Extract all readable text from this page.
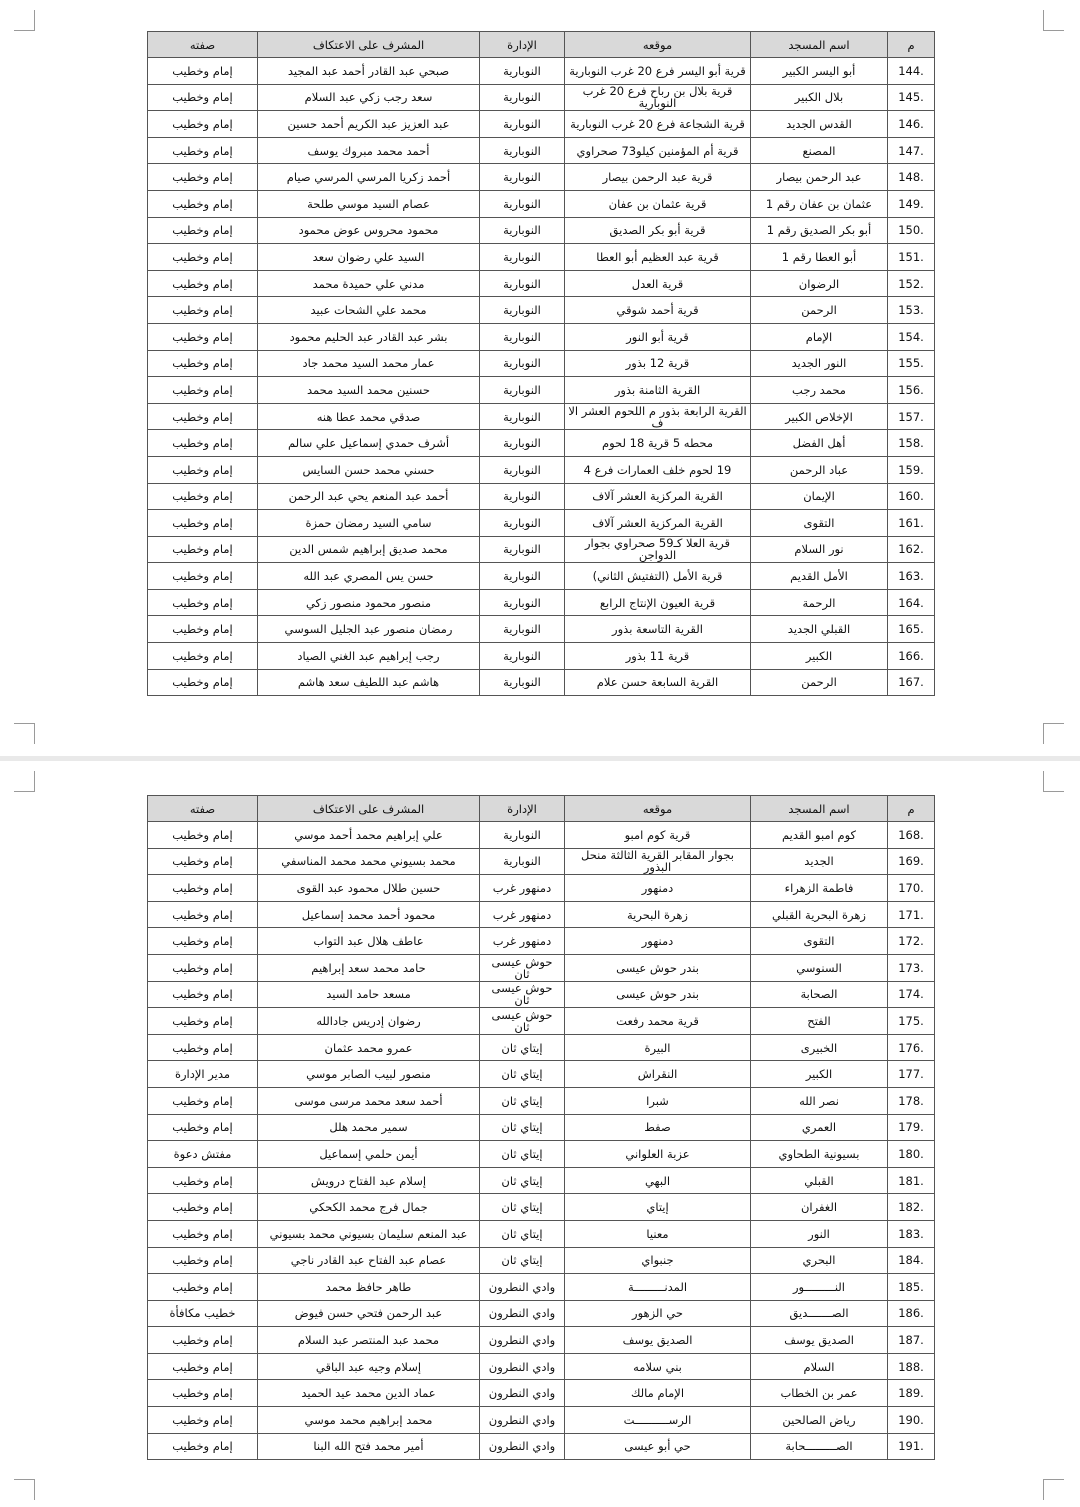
م	اسم المسجد	موقعه	الإدارة	المشرف على الاعتكاف	صفته
144.	أبو اليسر الكبير	قرية أبو اليسر فرع 20 غرب النوبارية	النوبارية	صبحي عبد القادر أحمد عبد المجيد	إمام وخطيب
145.	بلال الكبير	قرية بلال بن رباح فرع 20 غرب النوبارية	النوبارية	سعد رجب زكي عبد السلام	إمام وخطيب
146.	القدس الجديد	قرية الشجاعة فرع 20 غرب النوبارية	النوبارية	عبد العزيز عبد الكريم أحمد حسين	إمام وخطيب
147.	المصنع	قرية أم المؤمنين كيلو73 صحراوي	النوبارية	أحمد محمد مبروك يوسف	إمام وخطيب
148.	عبد الرحمن بيصار	قرية عبد الرحمن بيصار	النوبارية	أحمد زكريا المرسي المرسي صيام	إمام وخطيب
149.	عثمان بن عفان رقم 1	قرية عثمان بن عفان	النوبارية	عصام السيد موسي طلحة	إمام وخطيب
150.	أبو بكر الصديق رقم 1	قرية أبو بكر الصديق	النوبارية	محمود محروس عوض محمود	إمام وخطيب
151.	أبو العطا رقم 1	قرية عبد العظيم أبو العطا	النوبارية	السيد علي رضوان سعد	إمام وخطيب
152.	الرضوان	قرية العدل	النوبارية	مدني علي حميدة محمد	إمام وخطيب
153.	الرحمن	قرية أحمد شوقي	النوبارية	محمد علي الشحات عبيد	إمام وخطيب
154.	الإمام	قرية أبو النور	النوبارية	بشر عبد القادر عبد الحليم محمود	إمام وخطيب
155.	النور الجديد	قرية 12 بذور	النوبارية	عمار محمد السيد محمد جاد	إمام وخطيب
156.	محمد رجب	القرية الثامنة بذور	النوبارية	حسنين محمد السيد محمد	إمام وخطيب
157.	الإخلاص الكبير	القرية الرابعة بذور م اللحوم العشر الا ف	النوبارية	صدقي محمد عطا هنه	إمام وخطيب
158.	أهل الفضل	محطه 5 قرية 18 لحوم	النوبارية	أشرف حمدي إسماعيل علي سالم	إمام وخطيب
159.	عباد الرحمن	19 لحوم خلف العمارات فرع 4	النوبارية	حسني محمد حسن السايس	إمام وخطيب
160.	الإيمان	القرية المركزية العشر آلاف	النوبارية	أحمد عبد المنعم يحي عبد الرحمن	إمام وخطيب
161.	التقوى	القرية المركزية العشر آلاف	النوبارية	سامي السيد رمضان حمزة	إمام وخطيب
162.	نور السلام	قرية العلا كـ59 صحراوي بجوار الدواجن	النوبارية	محمد صديق إبراهيم شمس الدين	إمام وخطيب
163.	الأمل القديم	قرية الأمل (التفتيش الثاني)	النوبارية	حسن يس المصري عبد الله	إمام وخطيب
164.	الرحمة	قرية العيون الإنتاج الرابع	النوبارية	منصور محمود منصور زكي	إمام وخطيب
165.	القبلي الجديد	القرية التاسعة بذور	النوبارية	رمضان منصور عبد الجليل السوسي	إمام وخطيب
166.	الكبير	قرية 11 بذور	النوبارية	رجب إبراهيم عبد الغني الصياد	إمام وخطيب
167.	الرحمن	القرية السابعة حسن علام	النوبارية	هاشم عبد اللطيف سعد هاشم	إمام وخطيب
م	اسم المسجد	موقعه	الإدارة	المشرف على الاعتكاف	صفته
168.	كوم امبو القديم	قرية كوم امبو	النوبارية	علي إبراهيم محمد أحمد موسي	إمام وخطيب
169.	الجديد	بجوار المقابر القرية الثالثة منحل البذور	النوبارية	محمد بسيوني محمد محمد المناسفي	إمام وخطيب
170.	فاطمة الزهراء	دمنهور	دمنهور غرب	حسين طلال محمود عبد القوى	إمام وخطيب
171.	زهرة البحرية القبلي	زهرة البحرية	دمنهور غرب	محمود أحمد محمد إسماعيل	إمام وخطيب
172.	التقوى	دمنهور	دمنهور غرب	عاطف هلال عبد التواب	إمام وخطيب
173.	السنوسي	بندر حوش عيسى	حوش عيسى ثان	حامد محمد سعد إبراهيم	إمام وخطيب
174.	الصحابة	بندر حوش عيسى	حوش عيسى ثان	مسعد حامد السيد	إمام وخطيب
175.	الفتح	قرية محمد رفعت	حوش عيسى ثان	رضوان إدريس جادالله	إمام وخطيب
176.	الخبيرى	البيرة	إيتاي ثان	عمرو محمد عثمان	إمام وخطيب
177.	الكبير	النقراش	إيتاي ثان	منصور لبيب الصابر موسي	مدير الإدارة
178.	نصر الله	شبرا	إيتاي ثان	أحمد سعد محمد مرسى موسى	إمام وخطيب
179.	العمري	صفط	إيتاي ثان	سمير محمد هلل	إمام وخطيب
180.	بسيونية الطحاوي	عزبة العلواني	إيتاي ثان	أيمن حلمي إسماعيل	مفتش دعوة
181.	القبلي	البهي	إيتاي ثان	إسلام عبد الفتاح درويش	إمام وخطيب
182.	الغفران	إيتاي	إيتاي ثان	جمال فرج محمد الكحكي	إمام وخطيب
183.	النور	معنيا	إيتاي ثان	عبد المنعم سليمان بسيوني محمد بسيوني	إمام وخطيب
184.	البحري	جنبواي	إيتاي ثان	عصام عبد الفتاح عبد القادر ناجي	إمام وخطيب
185.	النـــــــــور	المدنـــــــــة	وادي النطرون	طاهر حافظ محمد	إمام وخطيب
186.	الصـــــــديق	حي الزهور	وادي النطرون	عبد الرحمن فتحي حسن فيوض	خطيب مكافأة
187.	الصديق يوسف	الصديق يوسف	وادي النطرون	محمد عبد المنتصر عبد السلام	إمام وخطيب
188.	السلام	بني سلامه	وادي النطرون	إسلام وجيه عبد الباقي	إمام وخطيب
189.	عمر بن الخطاب	الإمام مالك	وادي النطرون	عماد الدين محمد عيد الحميد	إمام وخطيب
190.	رياض الصالحين	الرســــــــــت	وادي النطرون	محمد إبراهيم محمد موسي	إمام وخطيب
191.	الصـــــــــحابة	حي أبو عيسى	وادي النطرون	أمير محمد فتح الله البنا	إمام وخطيب
